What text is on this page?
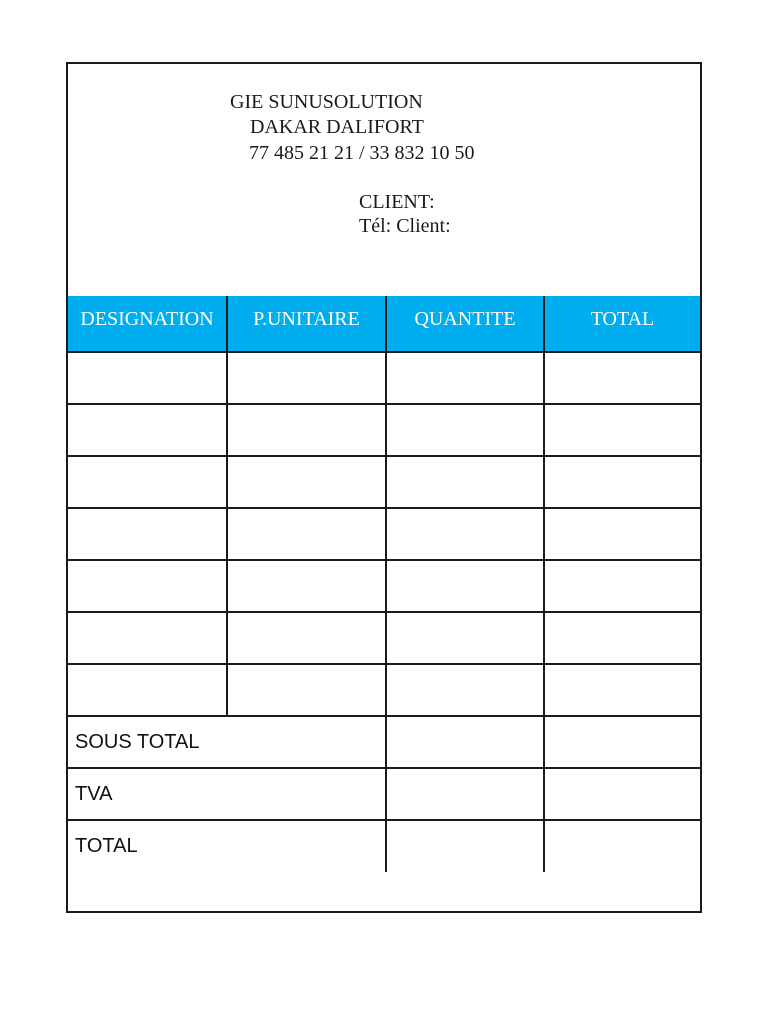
GIE SUNUSOLUTION
DAKAR DALIFORT
77 485 21 21 / 33 832 10 50
CLIENT:
Tél: Client:
DESIGNATION	P.UNITAIRE	QUANTITE	TOTAL

SOUS TOTAL			
TVA			
TOTAL			
